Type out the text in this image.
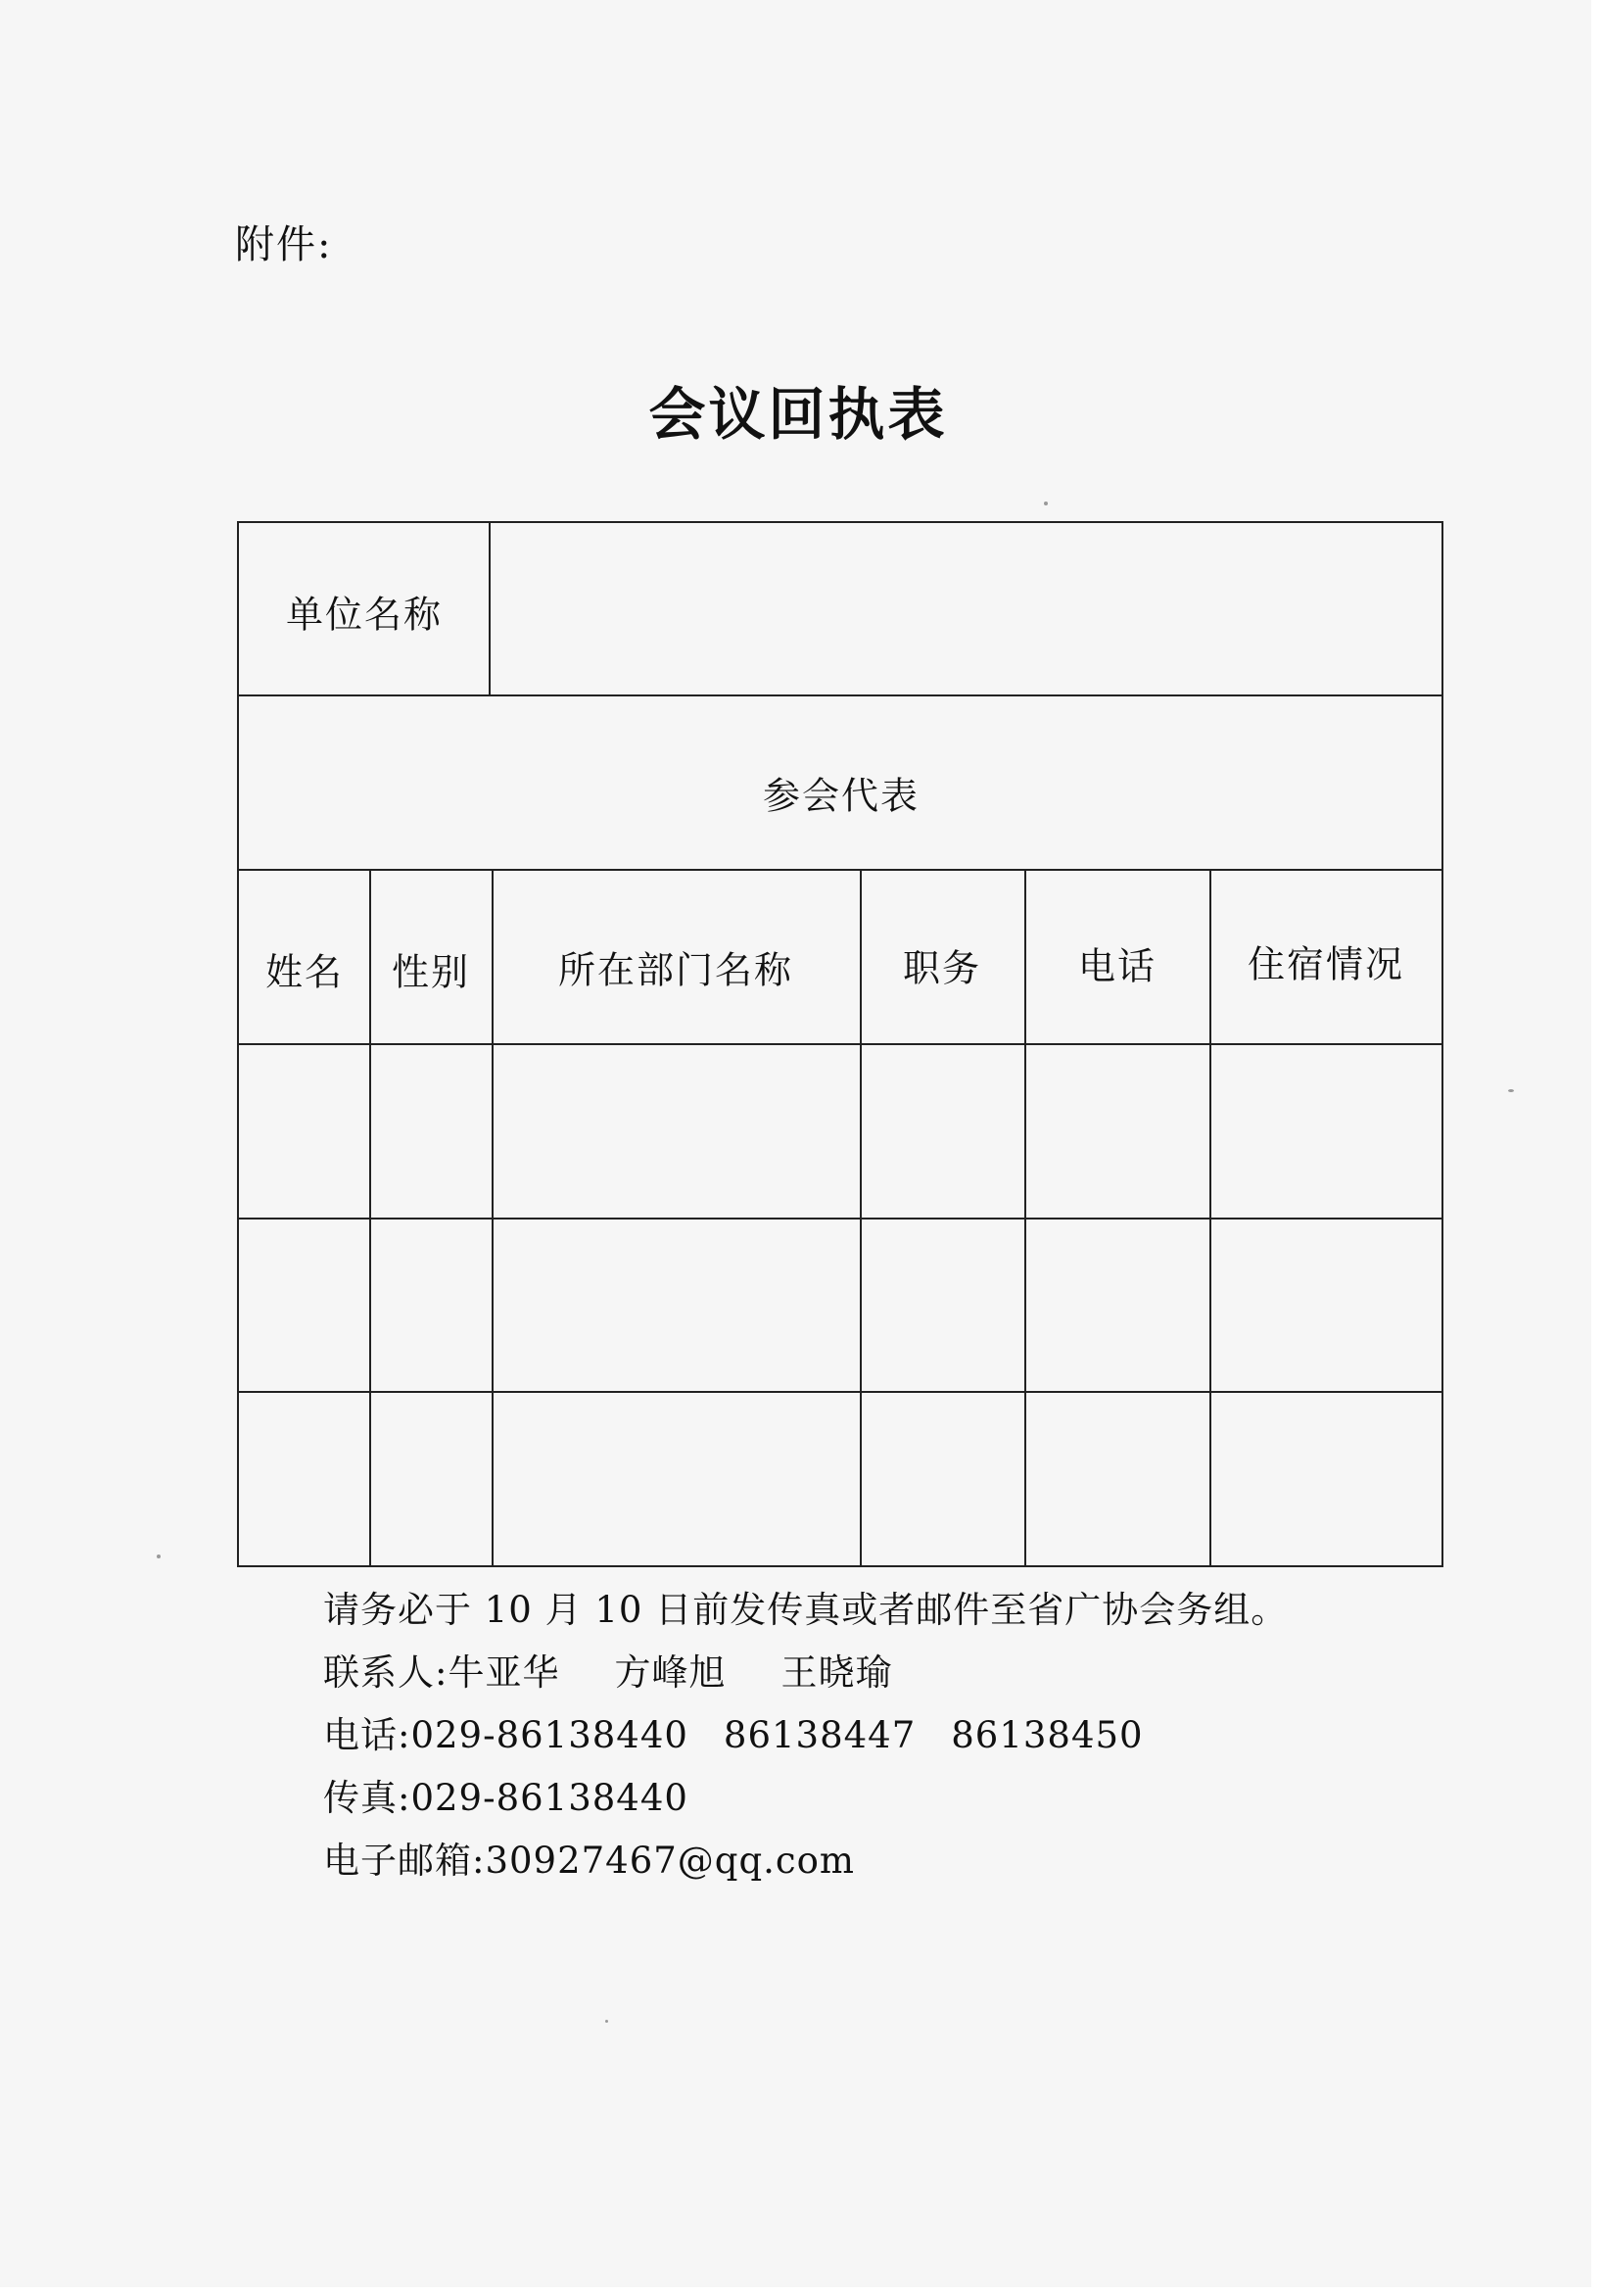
附件:
会议回执表
单位名称
参会代表
姓名 性别 所在部门名称	职务	电话 住宿情况
请务必于 10 月 10 日前发传真或者邮件至省广协会务组。
联系人:牛亚华 方峰旭 王晓瑜
电话:029-86138440 86138447 86138450
传真:029-86138440
电子邮箱:30927467@qq.com
